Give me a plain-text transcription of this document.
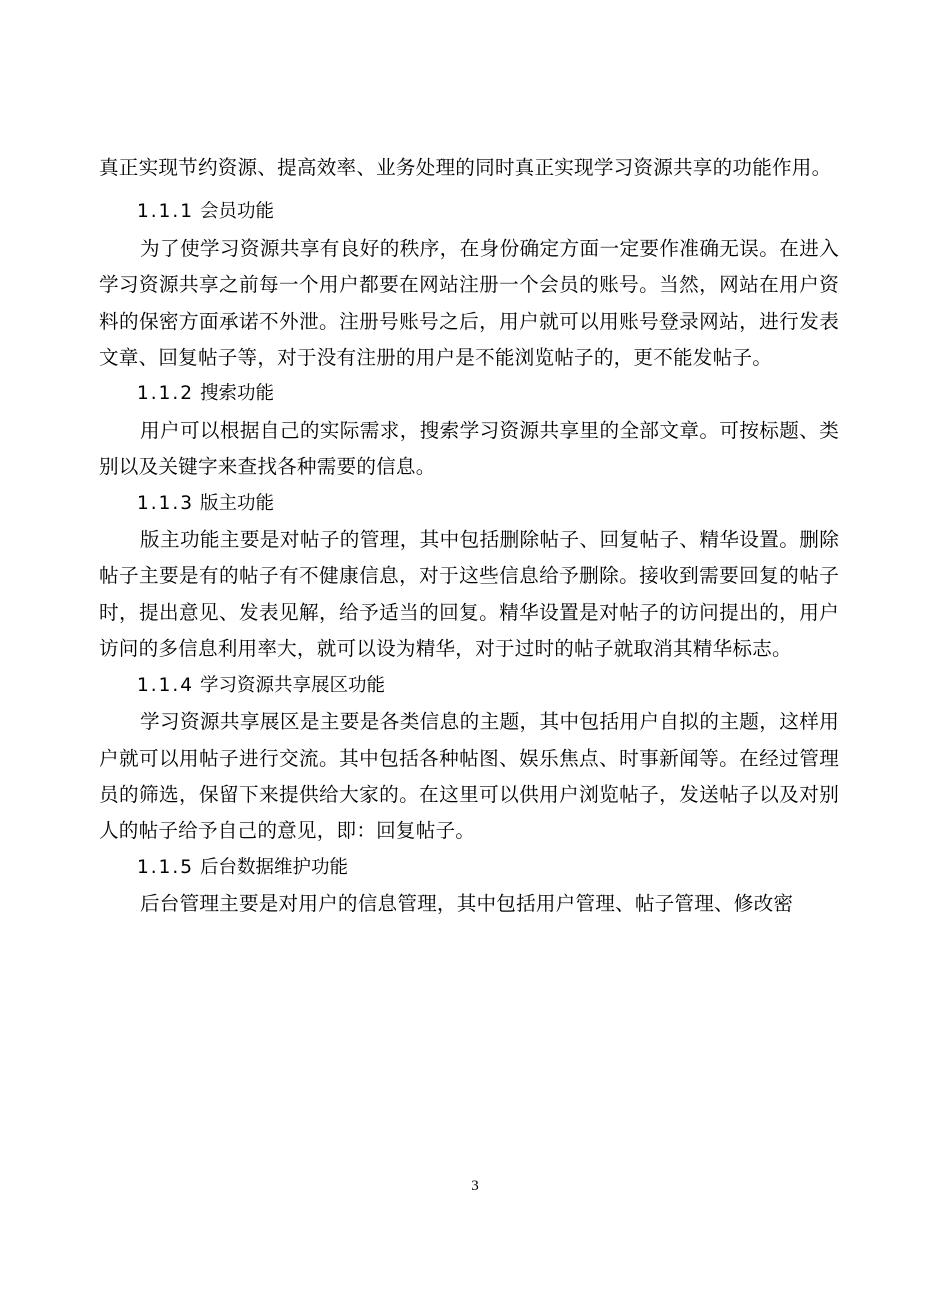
真正实现节约资源、提高效率、业务处理的同时真正实现学习资源共享的功能作用。

1.1.1 会员功能

为了使学习资源共享有良好的秩序，在身份确定方面一定要作准确无误。在进入学习资源共享之前每一个用户都要在网站注册一个会员的账号。当然，网站在用户资料的保密方面承诺不外泄。注册号账号之后，用户就可以用账号登录网站，进行发表文章、回复帖子等，对于没有注册的用户是不能浏览帖子的，更不能发帖子。

1.1.2 搜索功能

用户可以根据自己的实际需求，搜索学习资源共享里的全部文章。可按标题、类别以及关键字来查找各种需要的信息。

1.1.3 版主功能

版主功能主要是对帖子的管理，其中包括删除帖子、回复帖子、精华设置。删除帖子主要是有的帖子有不健康信息，对于这些信息给予删除。接收到需要回复的帖子时，提出意见、发表见解，给予适当的回复。精华设置是对帖子的访问提出的，用户访问的多信息利用率大，就可以设为精华，对于过时的帖子就取消其精华标志。

1.1.4 学习资源共享展区功能

学习资源共享展区是主要是各类信息的主题，其中包括用户自拟的主题，这样用户就可以用帖子进行交流。其中包括各种帖图、娱乐焦点、时事新闻等。在经过管理员的筛选，保留下来提供给大家的。在这里可以供用户浏览帖子，发送帖子以及对别人的帖子给予自己的意见，即：回复帖子。

1.1.5 后台数据维护功能

后台管理主要是对用户的信息管理，其中包括用户管理、帖子管理、修改密

3
